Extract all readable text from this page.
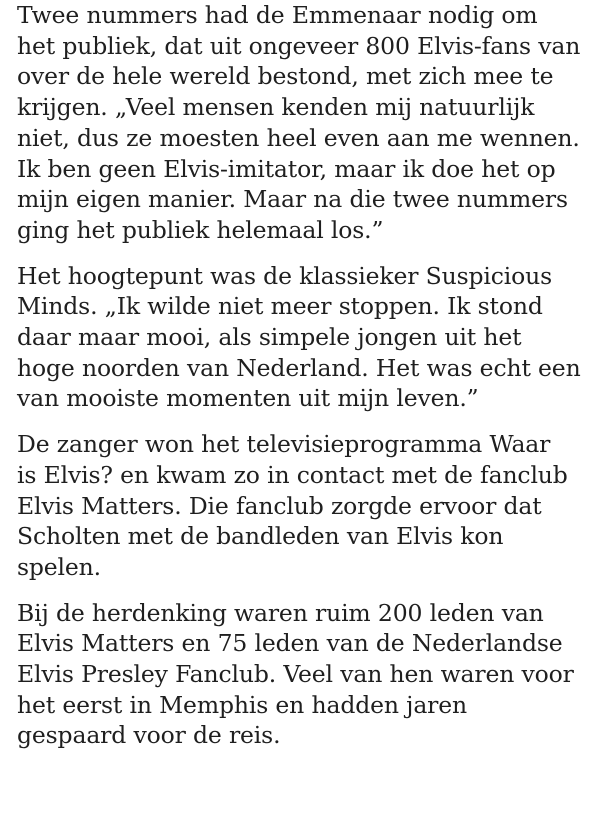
Twee nummers had de Emmenaar nodig om
het publiek, dat uit ongeveer 800 Elvis-fans van
over de hele wereld bestond, met zich mee te
krijgen. „Veel mensen kenden mij natuurlijk
niet, dus ze moesten heel even aan me wennen.
Ik ben geen Elvis-imitator, maar ik doe het op
mijn eigen manier. Maar na die twee nummers
ging het publiek helemaal los.”

Het hoogtepunt was de klassieker Suspicious
Minds. „Ik wilde niet meer stoppen. Ik stond
daar maar mooi, als simpele jongen uit het
hoge noorden van Nederland. Het was echt een
van mooiste momenten uit mijn leven.”

De zanger won het televisieprogramma Waar
is Elvis? en kwam zo in contact met de fanclub
Elvis Matters. Die fanclub zorgde ervoor dat
Scholten met de bandleden van Elvis kon
spelen.

Bij de herdenking waren ruim 200 leden van
Elvis Matters en 75 leden van de Nederlandse
Elvis Presley Fanclub. Veel van hen waren voor
het eerst in Memphis en hadden jaren
gespaard voor de reis.
